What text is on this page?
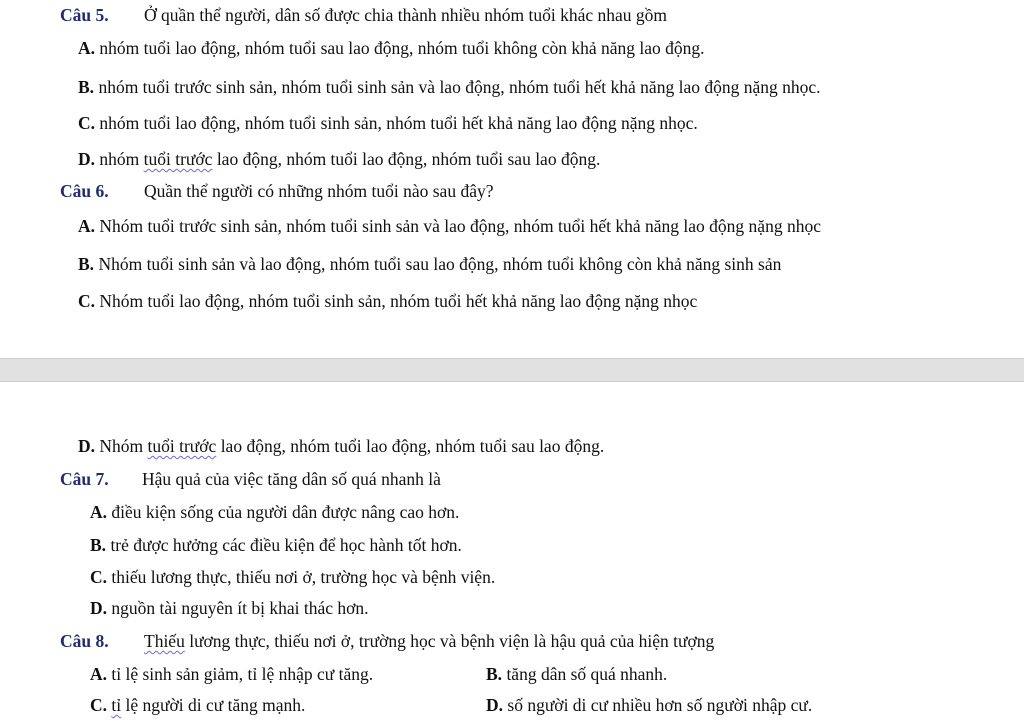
Câu 5. Ở quần thể người, dân số được chia thành nhiều nhóm tuổi khác nhau gồm
A. nhóm tuổi lao động, nhóm tuổi sau lao động, nhóm tuổi không còn khả năng lao động.
B. nhóm tuổi trước sinh sản, nhóm tuổi sinh sản và lao động, nhóm tuổi hết khả năng lao động nặng nhọc.
C. nhóm tuổi lao động, nhóm tuổi sinh sản, nhóm tuổi hết khả năng lao động nặng nhọc.
D. nhóm tuổi trước lao động, nhóm tuổi lao động, nhóm tuổi sau lao động.
Câu 6. Quần thể người có những nhóm tuổi nào sau đây?
A. Nhóm tuổi trước sinh sản, nhóm tuổi sinh sản và lao động, nhóm tuổi hết khả năng lao động nặng nhọc
B. Nhóm tuổi sinh sản và lao động, nhóm tuổi sau lao động, nhóm tuổi không còn khả năng sinh sản
C. Nhóm tuổi lao động, nhóm tuổi sinh sản, nhóm tuổi hết khả năng lao động nặng nhọc
D. Nhóm tuổi trước lao động, nhóm tuổi lao động, nhóm tuổi sau lao động.
Câu 7. Hậu quả của việc tăng dân số quá nhanh là
A. điều kiện sống của người dân được nâng cao hơn.
B. trẻ được hưởng các điều kiện để học hành tốt hơn.
C. thiếu lương thực, thiếu nơi ở, trường học và bệnh viện.
D. nguồn tài nguyên ít bị khai thác hơn.
Câu 8. Thiếu lương thực, thiếu nơi ở, trường học và bệnh viện là hậu quả của hiện tượng
A. tỉ lệ sinh sản giảm, tỉ lệ nhập cư tăng.	B. tăng dân số quá nhanh.
C. tỉ lệ người di cư tăng mạnh.	D. số người di cư nhiều hơn số người nhập cư.
